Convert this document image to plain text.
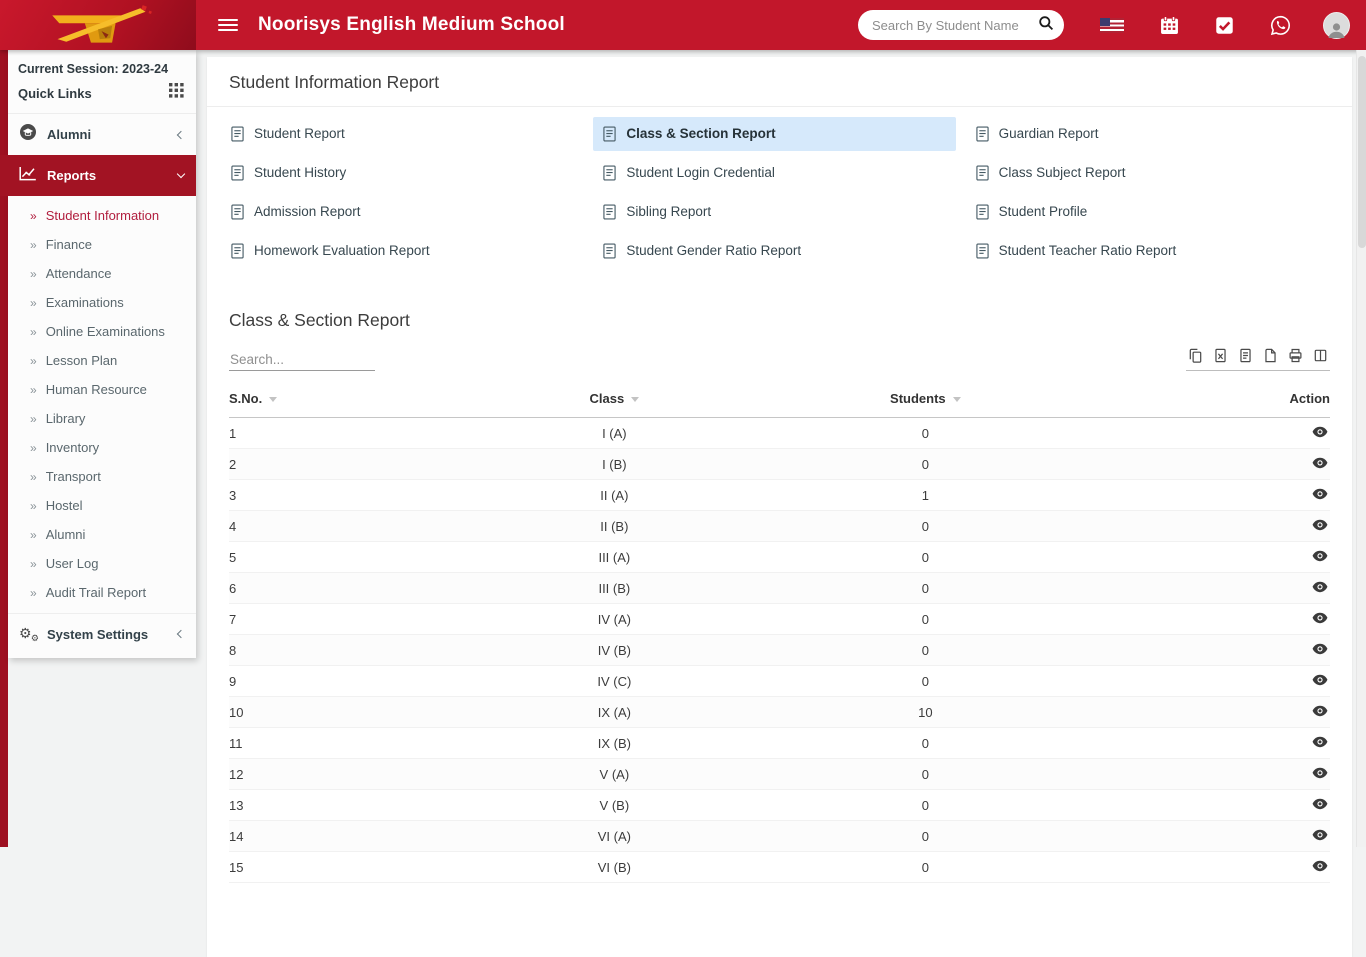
Noorisys English Medium School
Search By Student Name
Current Session: 2023-24
Quick Links
Alumni
Reports
» Student Information
» Finance
» Attendance
» Examinations
» Online Examinations
» Lesson Plan
» Human Resource
» Library
» Inventory
» Transport
» Hostel
» Alumni
» User Log
» Audit Trail Report
⚙ ⚙	System Settings
Student Information Report
Student Report
Student History
Admission Report
Homework Evaluation Report
Class & Section Report
Student Login Credential
Sibling Report
Student Gender Ratio Report
Guardian Report
Class Subject Report
Student Profile
Student Teacher Ratio Report
Class & Section Report
Search...
S.No.	Class	Students	Action
1	I (A)	0	

2	I (B)	0	

3	II (A)	1	

4	II (B)	0	

5	III (A)	0	

6	III (B)	0	

7	IV (A)	0	

8	IV (B)	0	

9	IV (C)	0	

10	IX (A)	10	

11	IX (B)	0	

12	V (A)	0	

13	V (B)	0	

14	VI (A)	0	

15	VI (B)	0	
